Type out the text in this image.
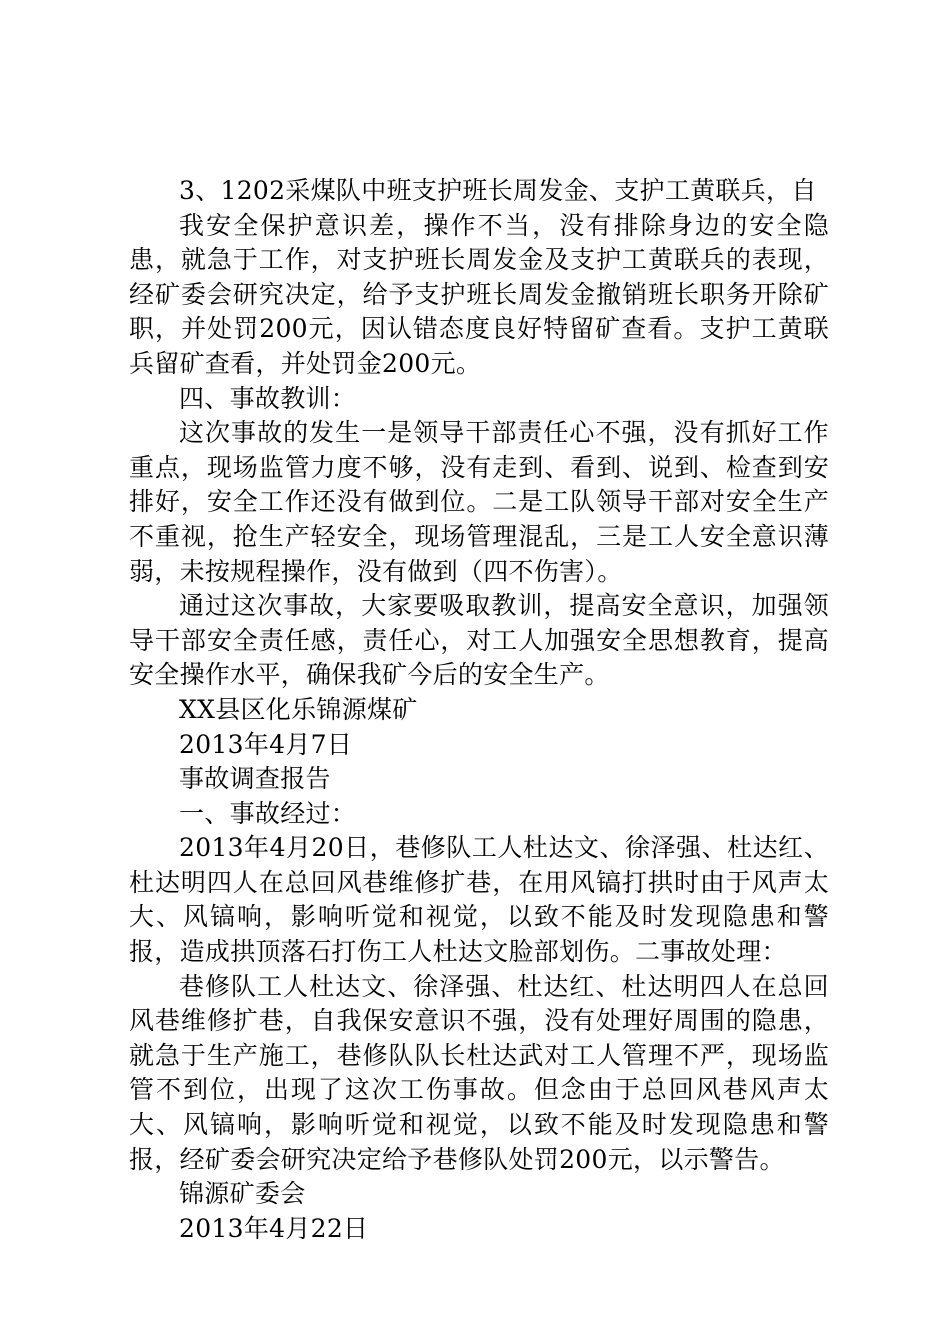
3、1202采煤队中班支护班长周发金、支护工黄联兵，自

我安全保护意识差，操作不当，没有排除身边的安全隐患，就急于工作，对支护班长周发金及支护工黄联兵的表现，经矿委会研究决定，给予支护班长周发金撤销班长职务开除矿职，并处罚200元，因认错态度良好特留矿查看。支护工黄联兵留矿查看，并处罚金200元。

四、事故教训：

这次事故的发生一是领导干部责任心不强，没有抓好工作重点，现场监管力度不够，没有走到、看到、说到、检查到安排好，安全工作还没有做到位。二是工队领导干部对安全生产不重视，抢生产轻安全，现场管理混乱，三是工人安全意识薄弱，未按规程操作，没有做到（四不伤害）。

通过这次事故，大家要吸取教训，提高安全意识，加强领导干部安全责任感，责任心，对工人加强安全思想教育，提高安全操作水平，确保我矿今后的安全生产。

XX县区化乐锦源煤矿

2013年4月7日

事故调查报告

一、事故经过：

2013年4月20日，巷修队工人杜达文、徐泽强、杜达红、杜达明四人在总回风巷维修扩巷，在用风镐打拱时由于风声太大、风镐响，影响听觉和视觉，以致不能及时发现隐患和警报，造成拱顶落石打伤工人杜达文脸部划伤。二事故处理：

巷修队工人杜达文、徐泽强、杜达红、杜达明四人在总回风巷维修扩巷，自我保安意识不强，没有处理好周围的隐患，就急于生产施工，巷修队队长杜达武对工人管理不严，现场监管不到位，出现了这次工伤事故。但念由于总回风巷风声太大、风镐响，影响听觉和视觉，以致不能及时发现隐患和警报，经矿委会研究决定给予巷修队处罚200元，以示警告。

锦源矿委会

2013年4月22日
